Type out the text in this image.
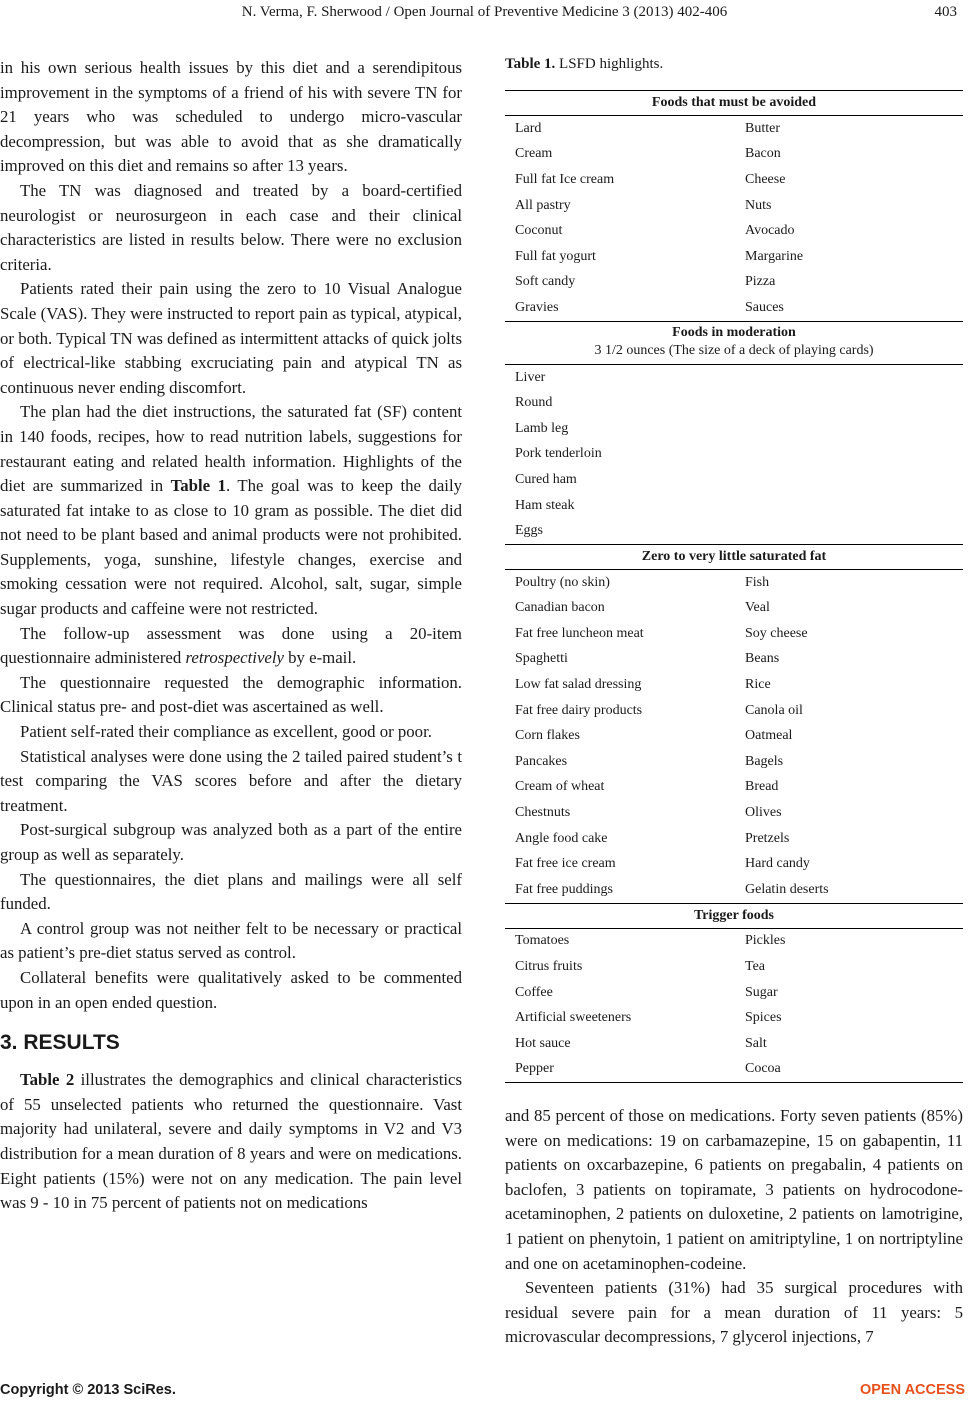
N. Verma, F. Sherwood / Open Journal of Preventive Medicine 3 (2013) 402-406	403

in his own serious health issues by this diet and a serendipitous improvement in the symptoms of a friend of his with severe TN for 21 years who was scheduled to undergo micro-vascular decompression, but was able to avoid that as she dramatically improved on this diet and remains so after 13 years.

The TN was diagnosed and treated by a board-certified neurologist or neurosurgeon in each case and their clinical characteristics are listed in results below. There were no exclusion criteria.

Patients rated their pain using the zero to 10 Visual Analogue Scale (VAS). They were instructed to report pain as typical, atypical, or both. Typical TN was defined as intermittent attacks of quick jolts of electrical-like stabbing excruciating pain and atypical TN as continuous never ending discomfort.

The plan had the diet instructions, the saturated fat (SF) content in 140 foods, recipes, how to read nutrition labels, suggestions for restaurant eating and related health information. Highlights of the diet are summarized in Table 1. The goal was to keep the daily saturated fat intake to as close to 10 gram as possible. The diet did not need to be plant based and animal products were not prohibited. Supplements, yoga, sunshine, lifestyle changes, exercise and smoking cessation were not required. Alcohol, salt, sugar, simple sugar products and caffeine were not restricted.

The follow-up assessment was done using a 20-item questionnaire administered retrospectively by e-mail.

The questionnaire requested the demographic information. Clinical status pre- and post-diet was ascertained as well.

Patient self-rated their compliance as excellent, good or poor.

Statistical analyses were done using the 2 tailed paired student’s t test comparing the VAS scores before and after the dietary treatment.

Post-surgical subgroup was analyzed both as a part of the entire group as well as separately.

The questionnaires, the diet plans and mailings were all self funded.

A control group was not neither felt to be necessary or practical as patient’s pre-diet status served as control.

Collateral benefits were qualitatively asked to be commented upon in an open ended question.

3. RESULTS

Table 2 illustrates the demographics and clinical characteristics of 55 unselected patients who returned the questionnaire. Vast majority had unilateral, severe and daily symptoms in V2 and V3 distribution for a mean duration of 8 years and were on medications. Eight patients (15%) were not on any medication. The pain level was 9 - 10 in 75 percent of patients not on medications

Table 1. LSFD highlights.
Foods that must be avoided	
Lard	Butter
Cream	Bacon
Full fat Ice cream	Cheese
All pastry	Nuts
Coconut	Avocado
Full fat yogurt	Margarine
Soft candy	Pizza
Gravies	Sauces

Foods in moderation
3 1/2 ounces (The size of a deck of playing cards)	

Liver	
Round	
Lamb leg	
Pork tenderloin	
Cured ham	
Ham steak	
Eggs	
Zero to very little saturated fat	
Poultry (no skin)	Fish
Canadian bacon	Veal
Fat free luncheon meat	Soy cheese
Spaghetti	Beans
Low fat salad dressing	Rice
Fat free dairy products	Canola oil
Corn flakes	Oatmeal
Pancakes	Bagels
Cream of wheat	Bread
Chestnuts	Olives
Angle food cake	Pretzels
Fat free ice cream	Hard candy
Fat free puddings	Gelatin deserts
Trigger foods	
Tomatoes	Pickles
Citrus fruits	Tea
Coffee	Sugar
Artificial sweeteners	Spices
Hot sauce	Salt
Pepper	Cocoa

and 85 percent of those on medications. Forty seven patients (85%) were on medications: 19 on carbamazepine, 15 on gabapentin, 11 patients on oxcarbazepine, 6 patients on pregabalin, 4 patients on baclofen, 3 patients on topiramate, 3 patients on hydrocodone-acetaminophen, 2 patients on duloxetine, 2 patients on lamotrigine, 1 patient on phenytoin, 1 patient on amitriptyline, 1 on nortriptyline and one on acetaminophen-codeine.

Seventeen patients (31%) had 35 surgical procedures with residual severe pain for a mean duration of 11 years: 5 microvascular decompressions, 7 glycerol injections, 7

Copyright © 2013 SciRes.	OPEN ACCESS
